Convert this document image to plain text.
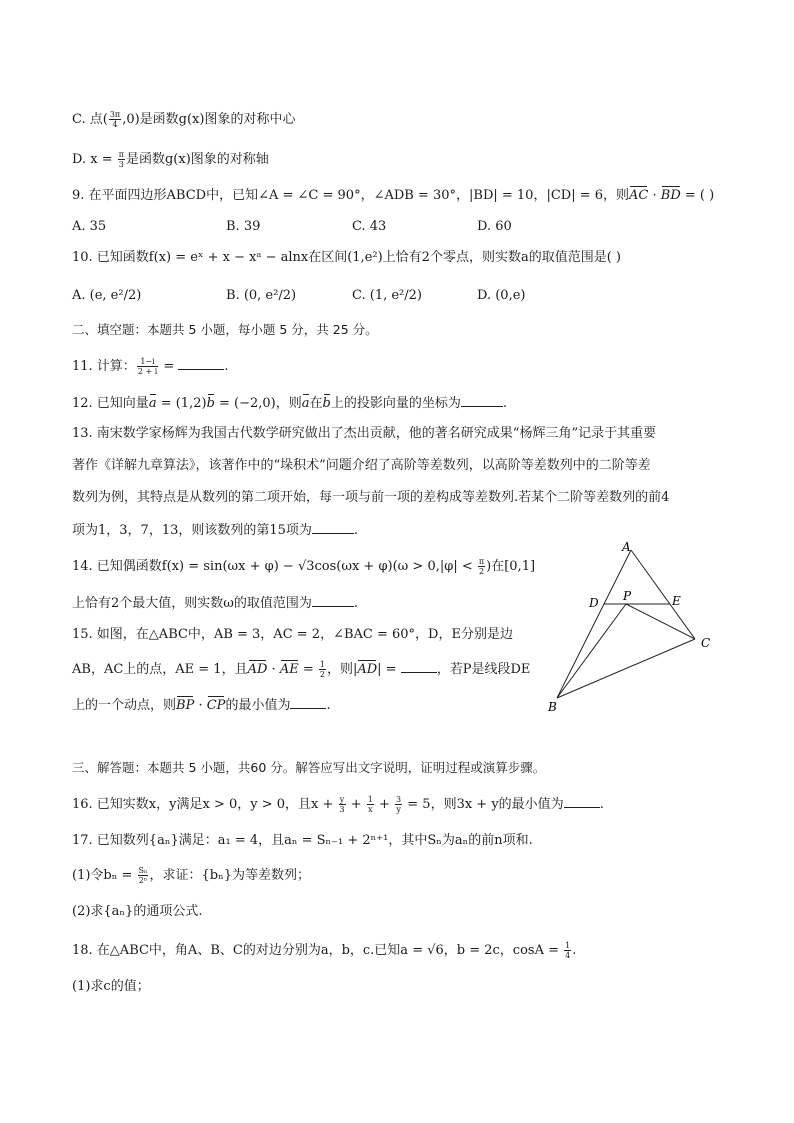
C. 点( $\frac{3\pi}{4} ,0$)是函数g(x)图象的对称中心
D. $x = \frac{\pi}{3}$ 是函数g(x)图象的对称轴
9. 在平面四边形ABCD中，已知∠A = ∠C = 90°，∠ADB = 30°，|BD| = 10，|CD| = 6，则AC · BD = ( )
A. 35	B. 39	C. 43	D. 60
10. 已知函数f(x) = eˣ + x − xᵃ − alnx在区间(1,e²)上恰有2个零点，则实数a的取值范围是( )
A. (e, e²/2)	B. (0, e²/2)	C. (1, e²/2)	D. (0,e)
二、填空题：本题共 5 小题，每小题 5 分，共 25 分。
11. 计算： $\frac{1-i}{2 + i}$ =	.
12. 已知向量a = (1,2)b = (−2,0)，则a在b上的投影向量的坐标为	.
13. 南宋数学家杨辉为我国古代数学研究做出了杰出贡献，他的著名研究成果“杨辉三角”记录于其重要
著作《详解九章算法》，该著作中的“垛积术”问题介绍了高阶等差数列，以高阶等差数列中的二阶等差
数列为例，其特点是从数列的第二项开始，每一项与前一项的差构成等差数列.若某个二阶等差数列的前4
项为1，3，7，13，则该数列的第15项为	.
14. 已知偶函数$f(x) = \sin(\omega x + \varphi) - √3\cos(\omega x + \varphi)(\omega > 0,|\varphi| < \frac{\pi}{2}$ )在[0,1]
上恰有2个最大值，则实数ω的取值范围为	.
15. 如图，在△ABC中，AB = 3，AC = 2，∠BAC = 60°，D，E分别是边
AB，AC上的点，AE = 1，且AD · AE = $\frac{1}{2}$ ，则|AD| =	，若P是线段DE
上的一个动点，则BP · CP的最小值为	.
A
D P	E
C
B
三、解答题：本题共 5 小题，共60 分。解答应写出文字说明，证明过程或演算步骤。
16. 已知实数x，y满足x > 0，y > 0，且$x + \frac{y}{3} + \frac{1}{x} + \frac{3}{y} = 5$，则3x + y的最小值为	.
17. 已知数列{aₙ}满足：a₁ = 4，且aₙ = Sₙ₋₁ + 2ⁿ⁺¹，其中Sₙ为aₙ的前n项和.
(1)令$b_n = \frac{\text{Sₙ}}{\text{2ⁿ}}$ ，求证：{bₙ}为等差数列；
(2)求{aₙ}的通项公式.
18. 在△ABC中，角A、B、C的对边分别为a，b，c.已知a = √6，b = 2c，$\cos A = \frac{1}{4}$ .
(1)求c的值；
